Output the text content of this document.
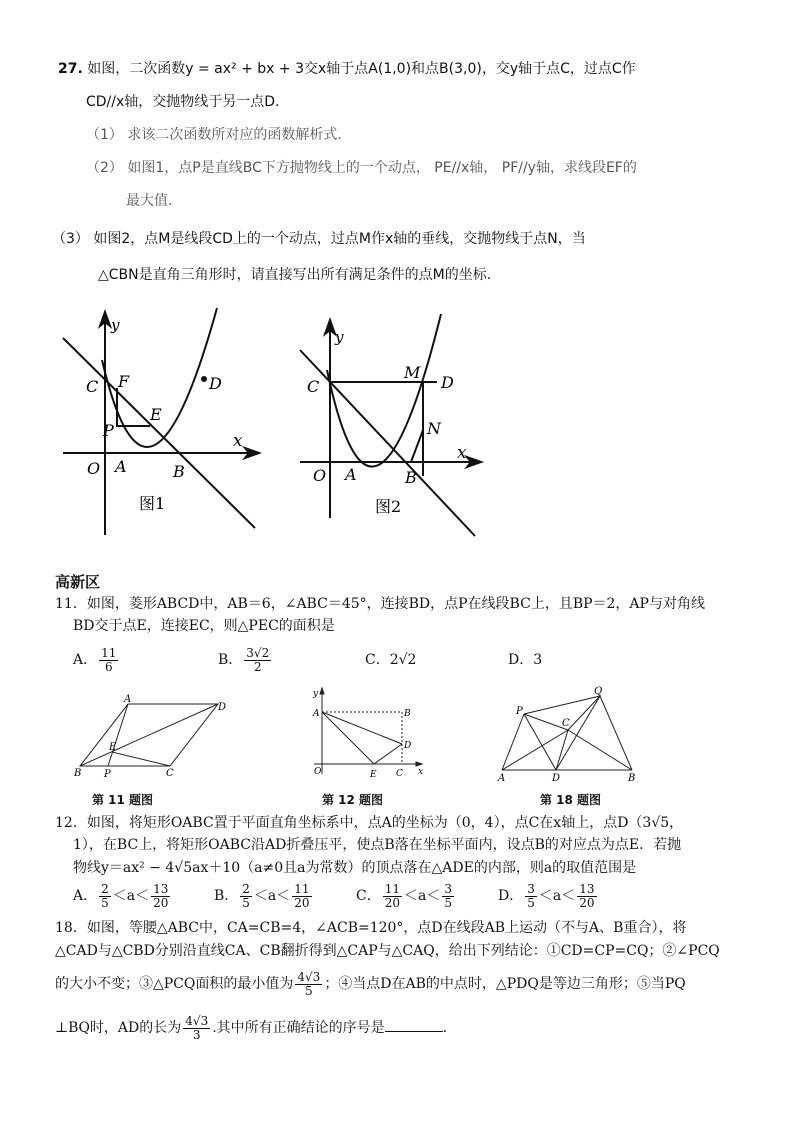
27. 如图，二次函数y = ax² + bx + 3交x轴于点A(1,0)和点B(3,0)，交y轴于点C，过点C作
CD//x轴，交抛物线于另一点D.
（1） 求该二次函数所对应的函数解析式.
（2） 如图1，点P是直线BC下方抛物线上的一个动点， PE//x轴， PF//y轴，求线段EF的
最大值.
（3） 如图2，点M是线段CD上的一个动点，过点M作x轴的垂线，交抛物线于点N，当
△CBN是直角三角形时，请直接写出所有满足条件的点M的坐标.
y
x
O A	B
C	D
F
E
P
图1
y
x
O A	B
C	D
M
N
图2
高新区
11．如图，菱形ABCD中，AB＝6，∠ABC＝45°，连接BD，点P在线段BC上，且BP＝2，AP与对角线
BD交于点E，连接EC，则△PEC的面积是
A． $\frac{11}{6}$	B． $\frac{3√2}{2}$	C．2√2	D．3
A
D
B P	C
E
第 11 题图
y
x
O
A	B
D
C
E
第 12 题图
Q
P
C
A	D	B
第 18 题图
12．如图，将矩形OABC置于平面直角坐标系中，点A的坐标为（0，4），点C在x轴上，点D（3√5，
1），在BC上，将矩形OABC沿AD折叠压平，使点B落在坐标平面内，设点B的对应点为点E．若抛
物线y＝ax² − 4√5ax＋10（a≠0且a为常数）的顶点落在△ADE的内部，则a的取值范围是
A． $\frac{2}{5} <a< \frac{13}{20}$	B． $\frac{2}{5} <a< \frac{11}{20}$	C． $\frac{11}{20} <a< \frac{3}{5}$	D． $\frac{3}{5} <a< \frac{13}{20}$
18．如图，等腰△ABC中，CA=CB=4，∠ACB=120°，点D在线段AB上运动（不与A、B重合），将
△CAD与△CBD分别沿直线CA、CB翻折得到△CAP与△CAQ，给出下列结论：①CD=CP=CQ；②∠PCQ
的大小不变；③△PCQ面积的最小值为 $\frac{4√3}{5}$ ；④当点D在AB的中点时，△PDQ是等边三角形；⑤当PQ
⊥BQ时，AD的长为 $\frac{4√3}{3}$ .其中所有正确结论的序号是	.
